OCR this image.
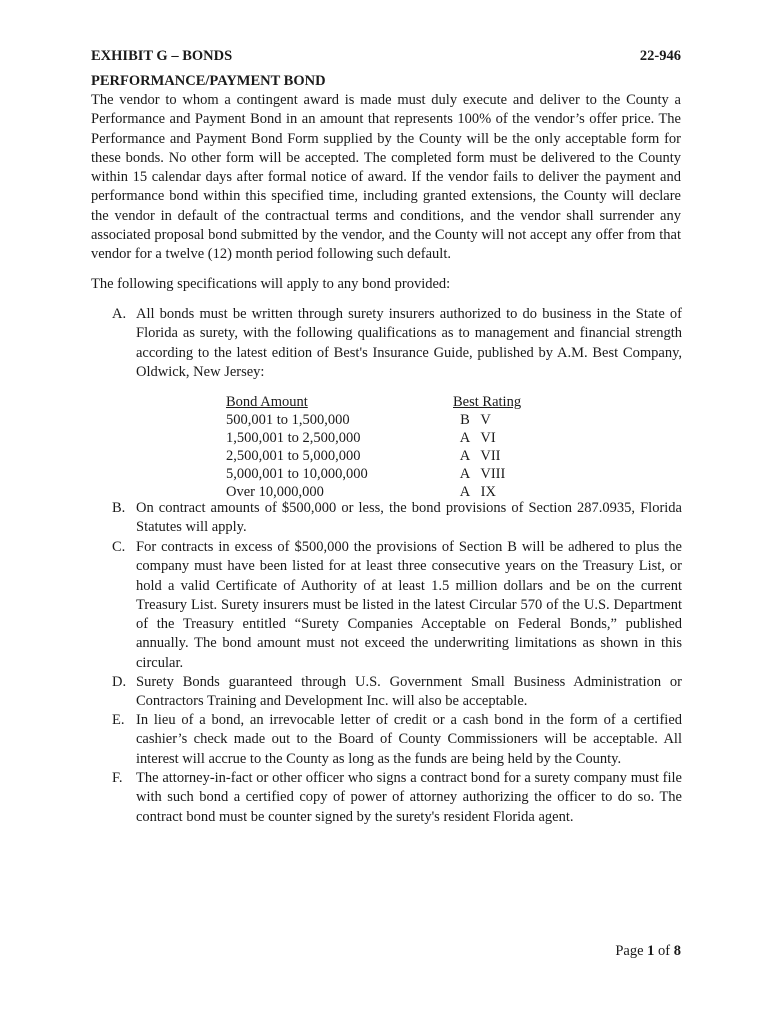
EXHIBIT G – BONDS	22-946
PERFORMANCE/PAYMENT BOND

The vendor to whom a contingent award is made must duly execute and deliver to the County a Performance and Payment Bond in an amount that represents 100% of the vendor’s offer price. The Performance and Payment Bond Form supplied by the County will be the only acceptable form for these bonds. No other form will be accepted. The completed form must be delivered to the County within 15 calendar days after formal notice of award. If the vendor fails to deliver the payment and performance bond within this specified time, including granted extensions, the County will declare the vendor in default of the contractual terms and conditions, and the vendor shall surrender any associated proposal bond submitted by the vendor, and the County will not accept any offer from that vendor for a twelve (12) month period following such default.

The following specifications will apply to any bond provided:

A. All bonds must be written through surety insurers authorized to do business in the State of Florida as surety, with the following qualifications as to management and financial strength according to the latest edition of Best's Insurance Guide, published by A.M. Best Company, Oldwick, New Jersey:
Bond Amount	Best Rating
500,001 to 1,500,000	B V
1,500,001 to 2,500,000	A VI
2,500,001 to 5,000,000	A VII
5,000,001 to 10,000,000	A VIII
Over 10,000,000	A IX
B. On contract amounts of $500,000 or less, the bond provisions of Section 287.0935, Florida Statutes will apply.
C. For contracts in excess of $500,000 the provisions of Section B will be adhered to plus the company must have been listed for at least three consecutive years on the Treasury List, or hold a valid Certificate of Authority of at least 1.5 million dollars and be on the current Treasury List. Surety insurers must be listed in the latest Circular 570 of the U.S. Department of the Treasury entitled “Surety Companies Acceptable on Federal Bonds,” published annually. The bond amount must not exceed the underwriting limitations as shown in this circular.
D. Surety Bonds guaranteed through U.S. Government Small Business Administration or Contractors Training and Development Inc. will also be acceptable.
E. In lieu of a bond, an irrevocable letter of credit or a cash bond in the form of a certified cashier’s check made out to the Board of County Commissioners will be acceptable. All interest will accrue to the County as long as the funds are being held by the County.
F. The attorney-in-fact or other officer who signs a contract bond for a surety company must file with such bond a certified copy of power of attorney authorizing the officer to do so. The contract bond must be counter signed by the surety's resident Florida agent.
Page 1 of 8
